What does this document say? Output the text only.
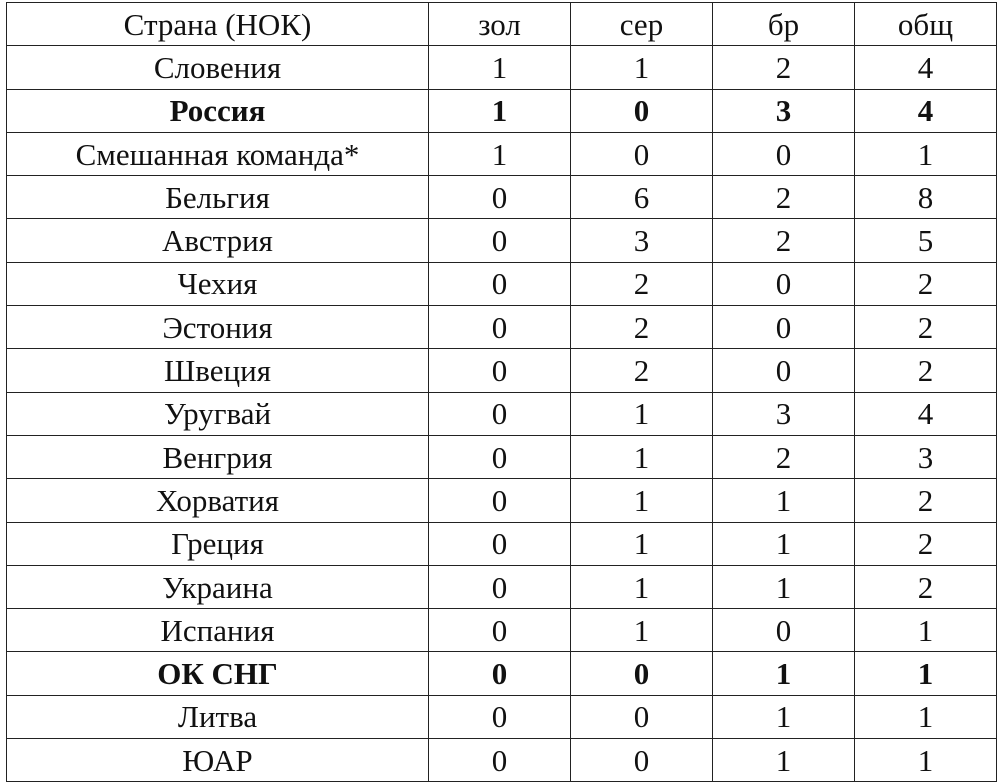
Страна (НОК)	зол	сер	бр	общ
Словения	1	1	2	4
Россия	1	0	3	4
Смешанная команда*	1	0	0	1
Бельгия	0	6	2	8
Австрия	0	3	2	5
Чехия	0	2	0	2
Эстония	0	2	0	2
Швеция	0	2	0	2
Уругвай	0	1	3	4
Венгрия	0	1	2	3
Хорватия	0	1	1	2
Греция	0	1	1	2
Украина	0	1	1	2
Испания	0	1	0	1
ОК СНГ	0	0	1	1
Литва	0	0	1	1
ЮАР	0	0	1	1
